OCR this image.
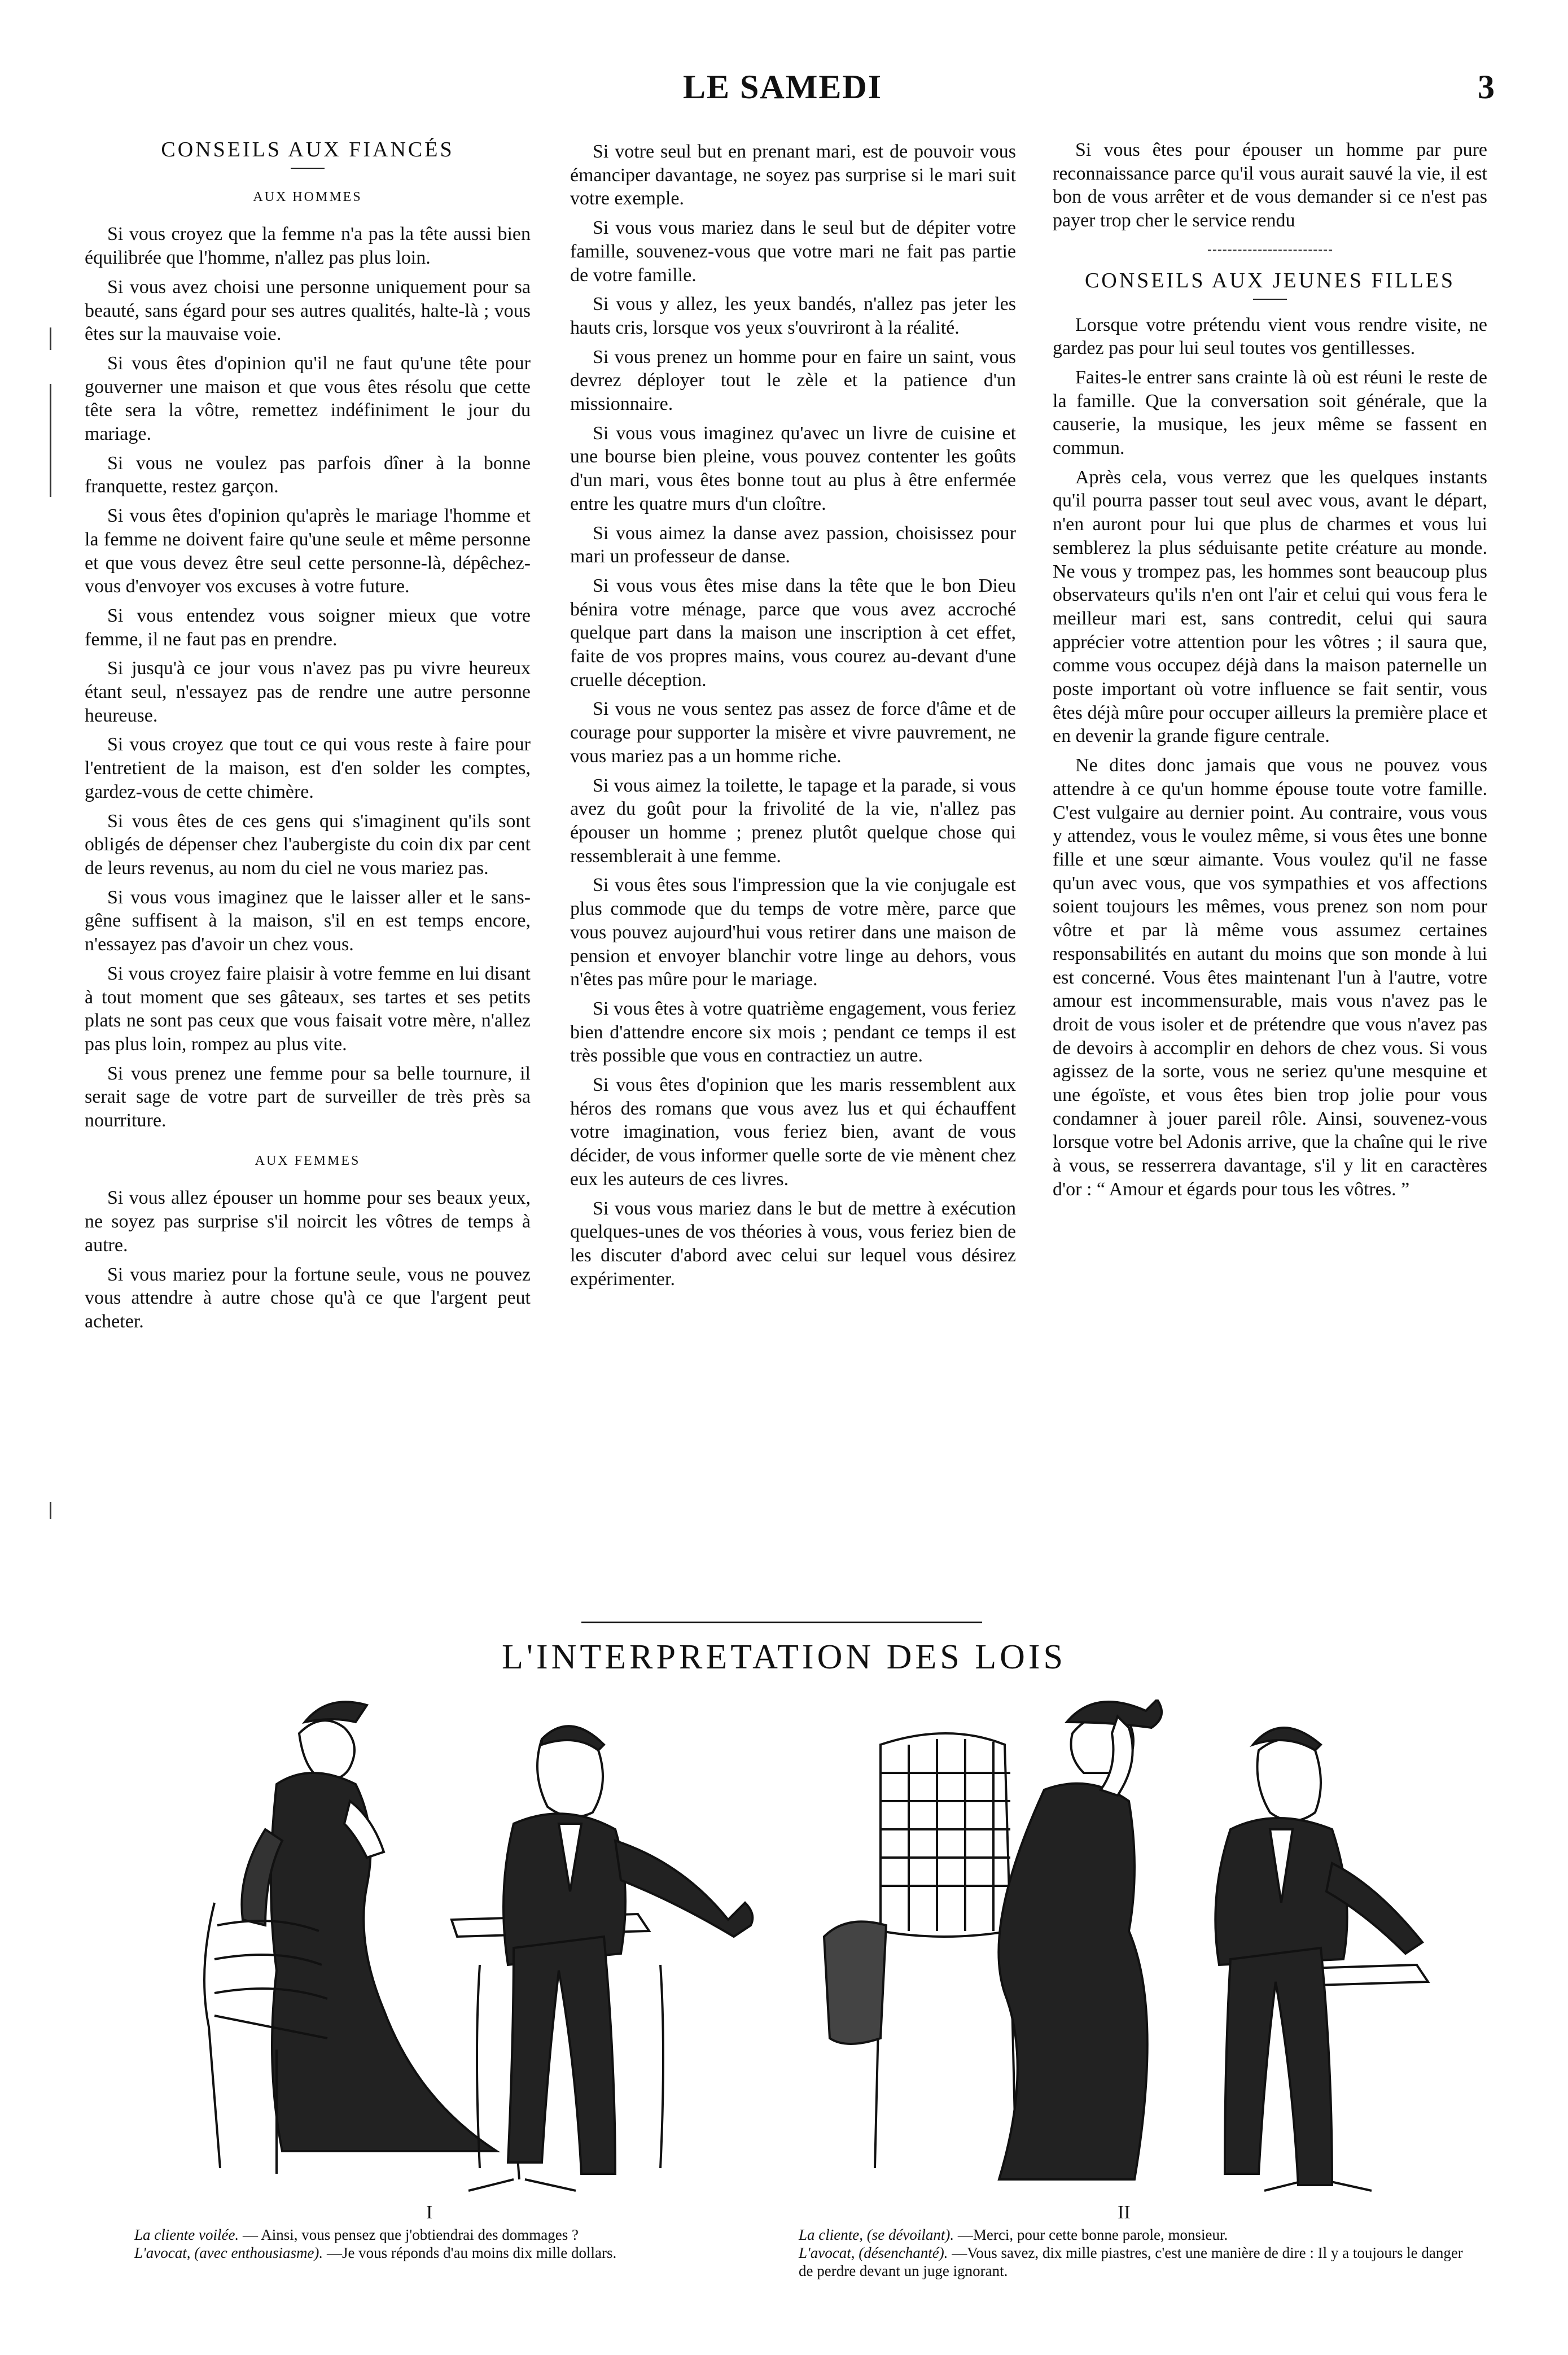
LE SAMEDI	3

CONSEILS AUX FIANCÉS

AUX HOMMES

Si vous croyez que la femme n'a pas la tête aussi bien équilibrée que l'homme, n'allez pas plus loin.

Si vous avez choisi une personne uniquement pour sa beauté, sans égard pour ses autres qualités, halte-là ; vous êtes sur la mauvaise voie.

Si vous êtes d'opinion qu'il ne faut qu'une tête pour gouverner une maison et que vous êtes résolu que cette tête sera la vôtre, remettez indéfiniment le jour du mariage.

Si vous ne voulez pas parfois dîner à la bonne franquette, restez garçon.

Si vous êtes d'opinion qu'après le mariage l'homme et la femme ne doivent faire qu'une seule et même personne et que vous devez être seul cette personne-là, dépêchez-vous d'envoyer vos excuses à votre future.

Si vous entendez vous soigner mieux que votre femme, il ne faut pas en prendre.

Si jusqu'à ce jour vous n'avez pas pu vivre heureux étant seul, n'essayez pas de rendre une autre personne heureuse.

Si vous croyez que tout ce qui vous reste à faire pour l'entretient de la maison, est d'en solder les comptes, gardez-vous de cette chimère.

Si vous êtes de ces gens qui s'imaginent qu'ils sont obligés de dépenser chez l'aubergiste du coin dix par cent de leurs revenus, au nom du ciel ne vous mariez pas.

Si vous vous imaginez que le laisser aller et le sans-gêne suffisent à la maison, s'il en est temps encore, n'essayez pas d'avoir un chez vous.

Si vous croyez faire plaisir à votre femme en lui disant à tout moment que ses gâteaux, ses tartes et ses petits plats ne sont pas ceux que vous faisait votre mère, n'allez pas plus loin, rompez au plus vite.

Si vous prenez une femme pour sa belle tournure, il serait sage de votre part de surveiller de très près sa nourriture.

AUX FEMMES

Si vous allez épouser un homme pour ses beaux yeux, ne soyez pas surprise s'il noircit les vôtres de temps à autre.

Si vous mariez pour la fortune seule, vous ne pouvez vous attendre à autre chose qu'à ce que l'argent peut acheter.

Si votre seul but en prenant mari, est de pouvoir vous émanciper davantage, ne soyez pas surprise si le mari suit votre exemple.

Si vous vous mariez dans le seul but de dépiter votre famille, souvenez-vous que votre mari ne fait pas partie de votre famille.

Si vous y allez, les yeux bandés, n'allez pas jeter les hauts cris, lorsque vos yeux s'ouvriront à la réalité.

Si vous prenez un homme pour en faire un saint, vous devrez déployer tout le zèle et la patience d'un missionnaire.

Si vous vous imaginez qu'avec un livre de cuisine et une bourse bien pleine, vous pouvez contenter les goûts d'un mari, vous êtes bonne tout au plus à être enfermée entre les quatre murs d'un cloître.

Si vous aimez la danse avez passion, choisissez pour mari un professeur de danse.

Si vous vous êtes mise dans la tête que le bon Dieu bénira votre ménage, parce que vous avez accroché quelque part dans la maison une inscription à cet effet, faite de vos propres mains, vous courez au-devant d'une cruelle déception.

Si vous ne vous sentez pas assez de force d'âme et de courage pour supporter la misère et vivre pauvrement, ne vous mariez pas a un homme riche.

Si vous aimez la toilette, le tapage et la parade, si vous avez du goût pour la frivolité de la vie, n'allez pas épouser un homme ; prenez plutôt quelque chose qui ressemblerait à une femme.

Si vous êtes sous l'impression que la vie conjugale est plus commode que du temps de votre mère, parce que vous pouvez aujourd'hui vous retirer dans une maison de pension et envoyer blanchir votre linge au dehors, vous n'êtes pas mûre pour le mariage.

Si vous êtes à votre quatrième engagement, vous feriez bien d'attendre encore six mois ; pendant ce temps il est très possible que vous en contractiez un autre.

Si vous êtes d'opinion que les maris ressemblent aux héros des romans que vous avez lus et qui échauffent votre imagination, vous feriez bien, avant de vous décider, de vous informer quelle sorte de vie mènent chez eux les auteurs de ces livres.

Si vous vous mariez dans le but de mettre à exécution quelques-unes de vos théories à vous, vous feriez bien de les discuter d'abord avec celui sur lequel vous désirez expérimenter.

Si vous êtes pour épouser un homme par pure reconnaissance parce qu'il vous aurait sauvé la vie, il est bon de vous arrêter et de vous demander si ce n'est pas payer trop cher le service rendu

CONSEILS AUX JEUNES FILLES

Lorsque votre prétendu vient vous rendre visite, ne gardez pas pour lui seul toutes vos gentillesses.

Faites-le entrer sans crainte là où est réuni le reste de la famille. Que la conversation soit générale, que la causerie, la musique, les jeux même se fassent en commun.

Après cela, vous verrez que les quelques instants qu'il pourra passer tout seul avec vous, avant le départ, n'en auront pour lui que plus de charmes et vous lui semblerez la plus séduisante petite créature au monde. Ne vous y trompez pas, les hommes sont beaucoup plus observateurs qu'ils n'en ont l'air et celui qui vous fera le meilleur mari est, sans contredit, celui qui saura apprécier votre attention pour les vôtres ; il saura que, comme vous occupez déjà dans la maison paternelle un poste important où votre influence se fait sentir, vous êtes déjà mûre pour occuper ailleurs la première place et en devenir la grande figure centrale.

Ne dites donc jamais que vous ne pouvez vous attendre à ce qu'un homme épouse toute votre famille. C'est vulgaire au dernier point. Au contraire, vous vous y attendez, vous le voulez même, si vous êtes une bonne fille et une sœur aimante. Vous voulez qu'il ne fasse qu'un avec vous, que vos sympathies et vos affections soient toujours les mêmes, vous prenez son nom pour vôtre et par là même vous assumez certaines responsabilités en autant du moins que son monde à lui est concerné. Vous êtes maintenant l'un à l'autre, votre amour est incommensurable, mais vous n'avez pas le droit de vous isoler et de prétendre que vous n'avez pas de devoirs à accomplir en dehors de chez vous. Si vous agissez de la sorte, vous ne seriez qu'une mesquine et une égoïste, et vous êtes bien trop jolie pour vous condamner à jouer pareil rôle. Ainsi, souvenez-vous lorsque votre bel Adonis arrive, que la chaîne qui le rive à vous, se resserrera davantage, s'il y lit en caractères d'or : “ Amour et égards pour tous les vôtres. ”

L'INTERPRETATION DES LOIS
I	II
La cliente voilée. — Ainsi, vous pensez que j'obtiendrai des dommages ?
L'avocat, (avec enthousiasme). —Je vous réponds d'au moins dix mille dollars.
La cliente, (se dévoilant). —Merci, pour cette bonne parole, monsieur.
L'avocat, (désenchanté). —Vous savez, dix mille piastres, c'est une manière de dire : Il y a toujours le danger de perdre devant un juge ignorant.
